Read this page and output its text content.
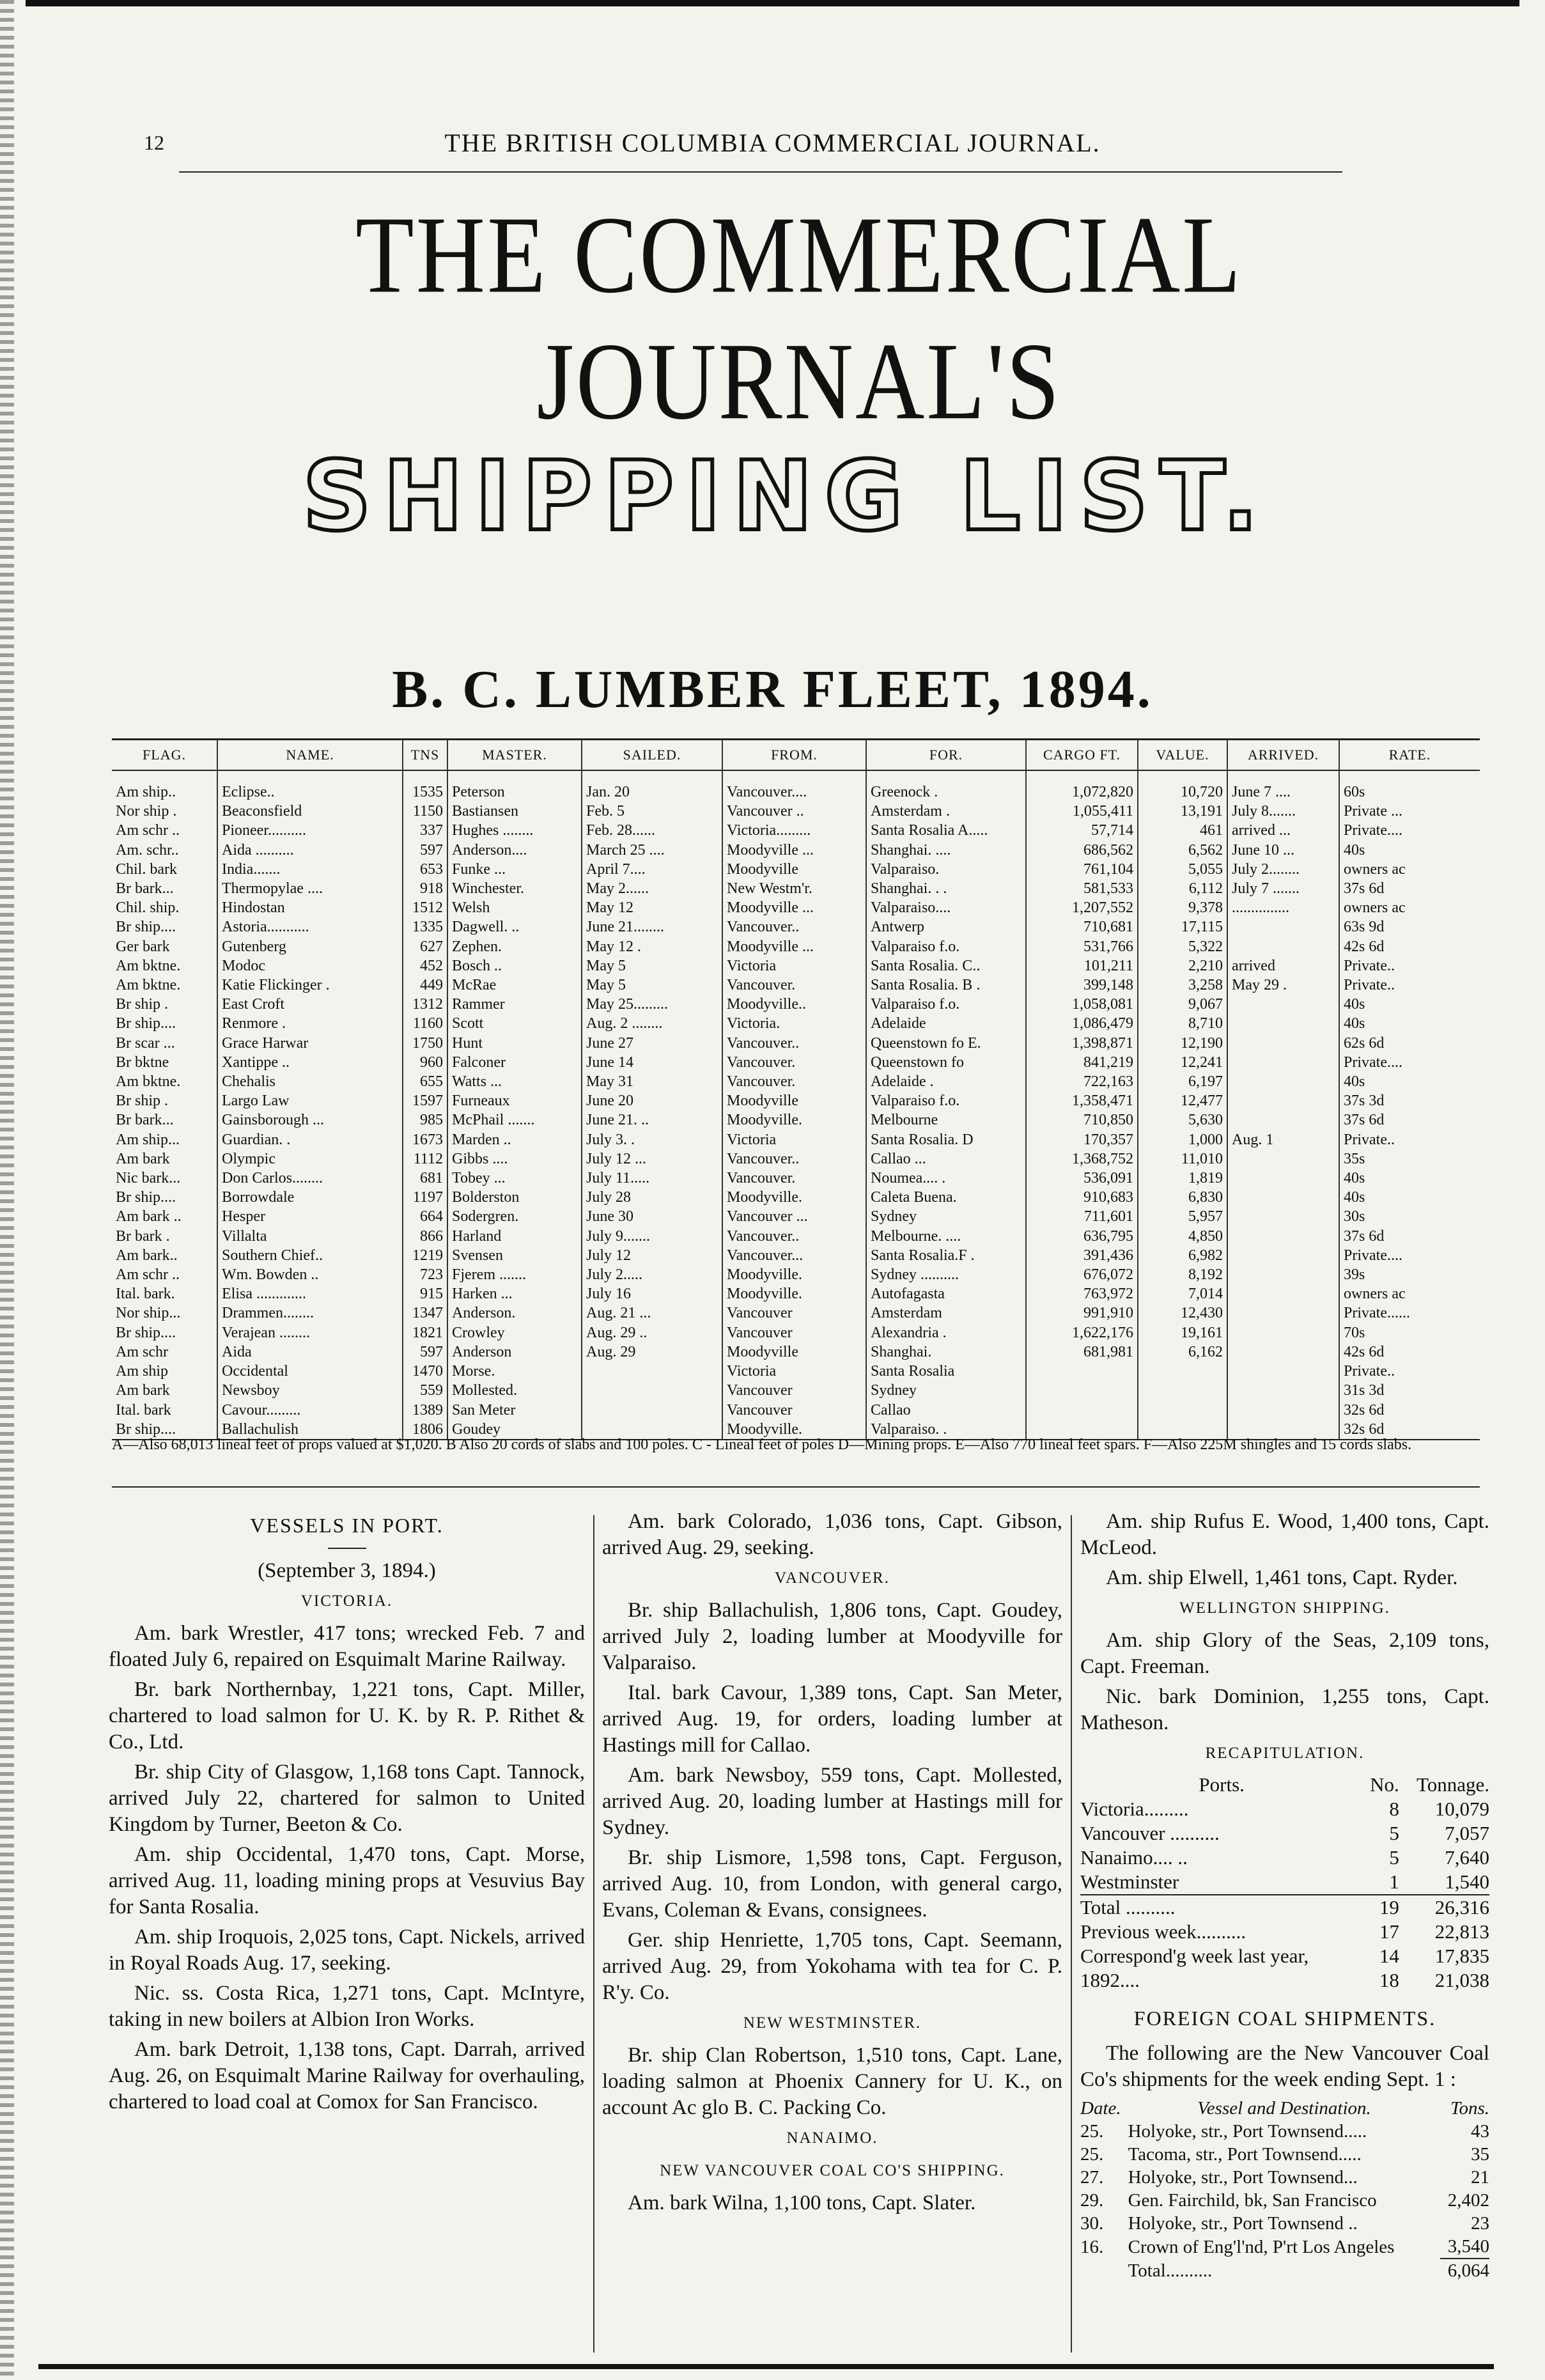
12	THE BRITISH COLUMBIA COMMERCIAL JOURNAL.
THE COMMERCIAL JOURNAL'S
SHIPPING LIST.
B. C. LUMBER FLEET, 1894.
FLAG.	NAME.	TNS	MASTER.	SAILED.	FROM.	FOR.	CARGO FT.	VALUE.	ARRIVED.	RATE.
Am ship..	Eclipse..	1535	Peterson	Jan. 20	Vancouver....	Greenock .	1,072,820	10,720	June 7 ....	60s
Nor ship .	Beaconsfield	1150	Bastiansen	Feb. 5	Vancouver ..	Amsterdam .	1,055,411	13,191	July 8.......	Private ...
Am schr ..	Pioneer..........	337	Hughes ........	Feb. 28......	Victoria.........	Santa Rosalia A.....	57,714	461	arrived ...	Private....
Am. schr..	Aida ..........	597	Anderson....	March 25 ....	Moodyville ...	Shanghai. ....	686,562	6,562	June 10 ...	40s
Chil. bark	India.......	653	Funke ...	April 7....	Moodyville	Valparaiso.	761,104	5,055	July 2........	owners ac
Br bark...	Thermopylae ....	918	Winchester.	May 2......	New Westm'r.	Shanghai. . .	581,533	6,112	July 7 .......	37s 6d
Chil. ship.	Hindostan	1512	Welsh	May 12	Moodyville ...	Valparaiso....	1,207,552	9,378	...............	owners ac
Br ship....	Astoria...........	1335	Dagwell. ..	June 21........	Vancouver..	Antwerp	710,681	17,115		63s 9d
Ger bark	Gutenberg	627	Zephen.	May 12 .	Moodyville ...	Valparaiso f.o.	531,766	5,322		42s 6d
Am bktne.	Modoc	452	Bosch ..	May 5	Victoria	Santa Rosalia. C..	101,211	2,210	arrived	Private..
Am bktne.	Katie Flickinger .	449	McRae	May 5	Vancouver.	Santa Rosalia. B .	399,148	3,258	May 29 .	Private..
Br ship .	East Croft	1312	Rammer	May 25.........	Moodyville..	Valparaiso f.o.	1,058,081	9,067		40s
Br ship....	Renmore .	1160	Scott	Aug. 2 ........	Victoria.	Adelaide	1,086,479	8,710		40s
Br scar ...	Grace Harwar	1750	Hunt	June 27	Vancouver..	Queenstown fo E.	1,398,871	12,190		62s 6d
Br bktne	Xantippe ..	960	Falconer	June 14	Vancouver.	Queenstown fo	841,219	12,241		Private....
Am bktne.	Chehalis	655	Watts ...	May 31	Vancouver.	Adelaide .	722,163	6,197		40s
Br ship .	Largo Law	1597	Furneaux	June 20	Moodyville	Valparaiso f.o.	1,358,471	12,477		37s 3d
Br bark...	Gainsborough ...	985	McPhail .......	June 21. ..	Moodyville.	Melbourne	710,850	5,630		37s 6d
Am ship...	Guardian. .	1673	Marden ..	July 3. .	Victoria	Santa Rosalia. D	170,357	1,000	Aug. 1	Private..
Am bark	Olympic	1112	Gibbs ....	July 12 ...	Vancouver..	Callao ...	1,368,752	11,010		35s
Nic bark...	Don Carlos........	681	Tobey ...	July 11.....	Vancouver.	Noumea.... .	536,091	1,819		40s
Br ship....	Borrowdale	1197	Bolderston	July 28	Moodyville.	Caleta Buena.	910,683	6,830		40s
Am bark ..	Hesper	664	Sodergren.	June 30	Vancouver ...	Sydney	711,601	5,957		30s
Br bark .	Villalta	866	Harland	July 9.......	Vancouver..	Melbourne. ....	636,795	4,850		37s 6d
Am bark..	Southern Chief..	1219	Svensen	July 12	Vancouver...	Santa Rosalia.F .	391,436	6,982		Private....
Am schr ..	Wm. Bowden ..	723	Fjerem .......	July 2.....	Moodyville.	Sydney ..........	676,072	8,192		39s
Ital. bark.	Elisa .............	915	Harken ...	July 16	Moodyville.	Autofagasta	763,972	7,014		owners ac
Nor ship...	Drammen........	1347	Anderson.	Aug. 21 ...	Vancouver	Amsterdam	991,910	12,430		Private......
Br ship....	Verajean ........	1821	Crowley	Aug. 29 ..	Vancouver	Alexandria .	1,622,176	19,161		70s
Am schr	Aida	597	Anderson	Aug. 29	Moodyville	Shanghai.	681,981	6,162		42s 6d
Am ship	Occidental	1470	Morse.		Victoria	Santa Rosalia				Private..
Am bark	Newsboy	559	Mollested.		Vancouver	Sydney				31s 3d
Ital. bark	Cavour.........	1389	San Meter		Vancouver	Callao				32s 6d
Br ship....	Ballachulish	1806	Goudey		Moodyville.	Valparaiso. .				32s 6d
A—Also 68,013 lineal feet of props valued at $1,020. B Also 20 cords of slabs and 100 poles. C - Lineal feet of poles D—Mining props. E—Also 770 lineal feet spars. F—Also 225M shingles and 15 cords slabs.

VESSELS IN PORT.

(September 3, 1894.)

VICTORIA.

Am. bark Wrestler, 417 tons; wrecked Feb. 7 and floated July 6, repaired on Esquimalt Marine Railway.

Br. bark Northernbay, 1,221 tons, Capt. Miller, chartered to load salmon for U. K. by R. P. Rithet & Co., Ltd.

Br. ship City of Glasgow, 1,168 tons Capt. Tannock, arrived July 22, chartered for salmon to United Kingdom by Turner, Beeton & Co.

Am. ship Occidental, 1,470 tons, Capt. Morse, arrived Aug. 11, loading mining props at Vesuvius Bay for Santa Rosalia.

Am. ship Iroquois, 2,025 tons, Capt. Nickels, arrived in Royal Roads Aug. 17, seeking.

Nic. ss. Costa Rica, 1,271 tons, Capt. McIntyre, taking in new boilers at Albion Iron Works.

Am. bark Detroit, 1,138 tons, Capt. Darrah, arrived Aug. 26, on Esquimalt Marine Railway for overhauling, chartered to load coal at Comox for San Francisco.

Am. bark Colorado, 1,036 tons, Capt. Gibson, arrived Aug. 29, seeking.

VANCOUVER.

Br. ship Ballachulish, 1,806 tons, Capt. Goudey, arrived July 2, loading lumber at Moodyville for Valparaiso.

Ital. bark Cavour, 1,389 tons, Capt. San Meter, arrived Aug. 19, for orders, loading lumber at Hastings mill for Callao.

Am. bark Newsboy, 559 tons, Capt. Mollested, arrived Aug. 20, loading lumber at Hastings mill for Sydney.

Br. ship Lismore, 1,598 tons, Capt. Ferguson, arrived Aug. 10, from London, with general cargo, Evans, Coleman & Evans, consignees.

Ger. ship Henriette, 1,705 tons, Capt. Seemann, arrived Aug. 29, from Yokohama with tea for C. P. R'y. Co.

NEW WESTMINSTER.

Br. ship Clan Robertson, 1,510 tons, Capt. Lane, loading salmon at Phoenix Cannery for U. K., on account Ac glo B. C. Packing Co.

NANAIMO.

NEW VANCOUVER COAL CO'S SHIPPING.

Am. bark Wilna, 1,100 tons, Capt. Slater.

Am. ship Rufus E. Wood, 1,400 tons, Capt. McLeod.

Am. ship Elwell, 1,461 tons, Capt. Ryder.

WELLINGTON SHIPPING.

Am. ship Glory of the Seas, 2,109 tons, Capt. Freeman.

Nic. bark Dominion, 1,255 tons, Capt. Matheson.

RECAPITULATION.

Ports.	No.	Tonnage.
Victoria.........	8	10,079
Vancouver ..........	5	7,057
Nanaimo.... ..	5	7,640
Westminster	1	1,540
Total ..........	19	26,316
Previous week..........	17	22,813
Correspond'g week last year,	14	17,835
1892....	18	21,038

FOREIGN COAL SHIPMENTS.

The following are the New Vancouver Coal Co's shipments for the week ending Sept. 1 :

Date.	Vessel and Destination.	Tons.
25.	Holyoke, str., Port Townsend.....	43
25.	Tacoma, str., Port Townsend.....	35
27.	Holyoke, str., Port Townsend...	21
29.	Gen. Fairchild, bk, San Francisco	2,402
30.	Holyoke, str., Port Townsend ..	23
16.	Crown of Eng'l'nd, P'rt Los Angeles	3,540
	Total..........	6,064
